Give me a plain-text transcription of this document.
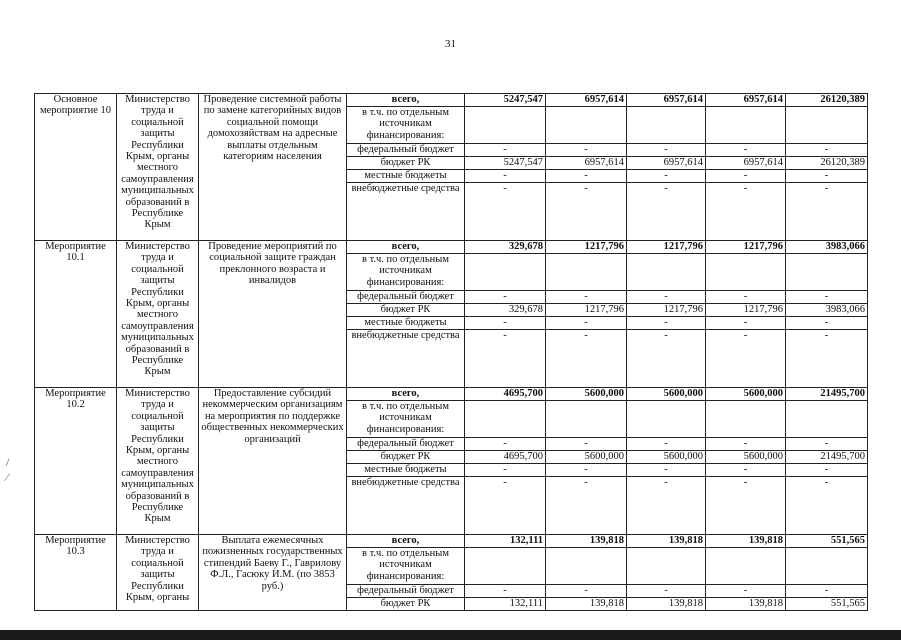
31
Основное мероприятие 10	Министерство труда и социальной защиты Республики Крым, органы местного самоуправления муниципальных образований в Республике Крым	Проведение системной работы по замене категорийных видов социальной помощи домохозяйствам на адресные выплаты отдельным категориям населения	всего,	5247,547	6957,614	6957,614	6957,614	26120,389
			в т.ч. по отдельным источникам финансирования:					
			федеральный бюджет	-	-	-	-	-
			бюджет РК	5247,547	6957,614	6957,614	6957,614	26120,389
			местные бюджеты	-	-	-	-	-
			внебюджетные средства	-	-	-	-	-
Мероприятие 10.1	Министерство труда и социальной защиты Республики Крым, органы местного самоуправления муниципальных образований в Республике Крым	Проведение мероприятий по социальной защите граждан преклонного возраста и инвалидов	всего,	329,678	1217,796	1217,796	1217,796	3983,066
			в т.ч. по отдельным источникам финансирования:					
			федеральный бюджет	-	-	-	-	-
			бюджет РК	329,678	1217,796	1217,796	1217,796	3983,066
			местные бюджеты	-	-	-	-	-
			внебюджетные средства	-	-	-	-	-
Мероприятие 10.2	Министерство труда и социальной защиты Республики Крым, органы местного самоуправления муниципальных образований в Республике Крым	Предоставление субсидий некоммерческим организациям на мероприятия по поддержке общественных некоммерческих организаций	всего,	4695,700	5600,000	5600,000	5600,000	21495,700
			в т.ч. по отдельным источникам финансирования:					
			федеральный бюджет	-	-	-	-	-
			бюджет РК	4695,700	5600,000	5600,000	5600,000	21495,700
			местные бюджеты	-	-	-	-	-
			внебюджетные средства	-	-	-	-	-
Мероприятие 10.3	Министерство труда и социальной защиты Республики Крым, органы	Выплата ежемесячных пожизненных государственных стипендий Баеву Г., Гаврилову Ф.Л., Гасюку И.М. (по 3853 руб.)	всего,	132,111	139,818	139,818	139,818	551,565
			в т.ч. по отдельным источникам финансирования:					
			федеральный бюджет	-	-	-	-	-
			бюджет РК	132,111	139,818	139,818	139,818	551,565
/
⁄
